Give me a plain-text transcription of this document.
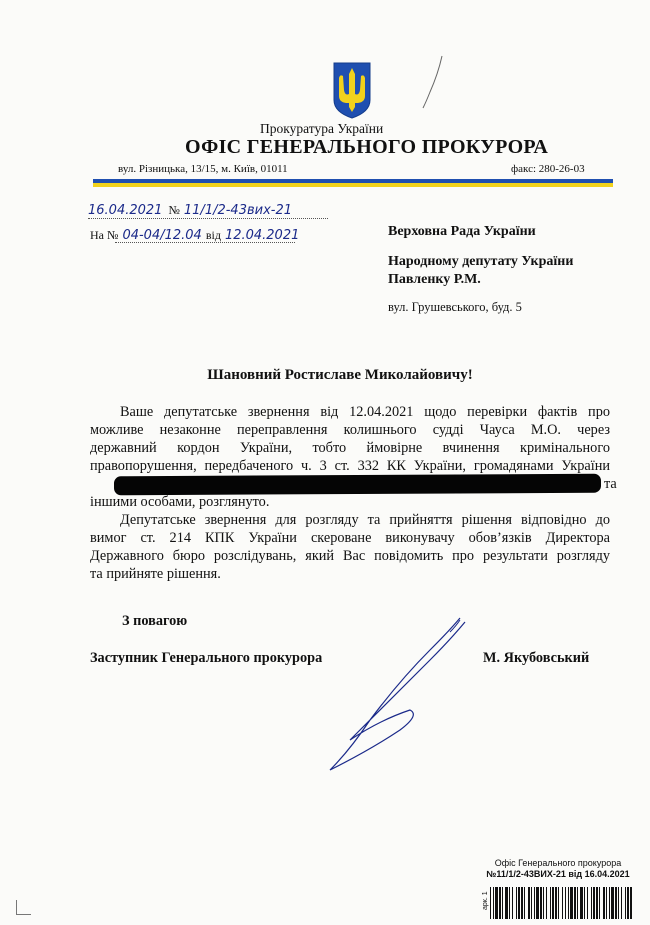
Прокуратура України
ОФІС ГЕНЕРАЛЬНОГО ПРОКУРОРА
вул. Різницька, 13/15, м. Київ, 01011	факс: 280-26-03
16.04.2021 № 11/1/2-43вих-21
На № 04-04/12.04 від 12.04.2021	Верховна Рада України
Народному депутату України
Павленку Р.М.
вул. Грушевського, буд. 5
Шановний Ростиславе Миколайовичу!
Ваше депутатське звернення від 12.04.2021 щодо перевірки фактів про
можливе незаконне переправлення колишнього судді Чауса М.О. через
державний кордон України, тобто ймовірне вчинення кримінального
правопорушення, передбаченого ч. 3 ст. 332 КК України, громадянами України
та
іншими особами, розглянуто.
Депутатське звернення для розгляду та прийняття рішення відповідно до
вимог ст. 214 КПК України скероване виконувачу обов’язків Директора
Державного бюро розслідувань, який Вас повідомить про результати розгляду
та прийняте рішення.
З повагою
Заступник Генерального прокурора	М. Якубовський
Офіс Генерального прокурора
№11/1/2-43ВИХ-21 від 16.04.2021
арк. 1
